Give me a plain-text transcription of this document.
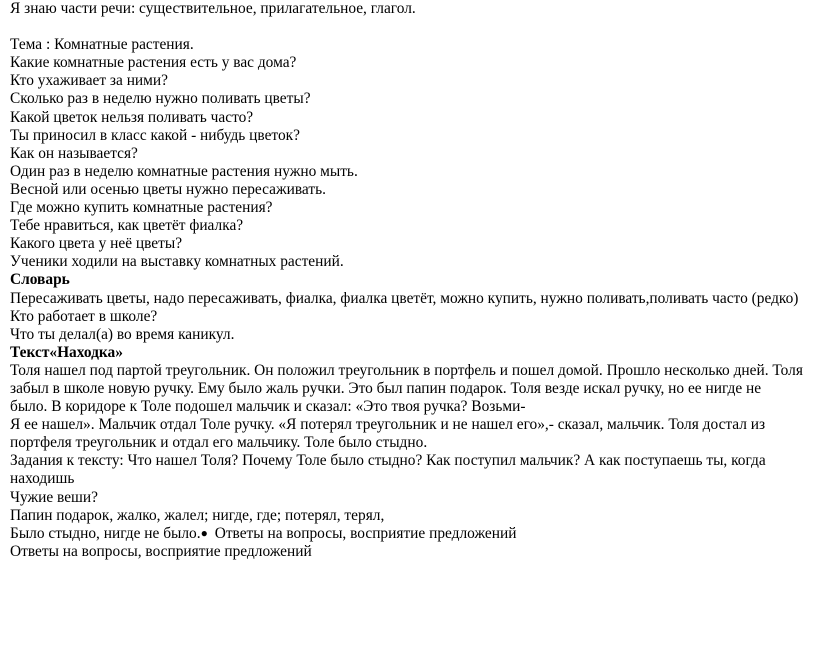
Я знаю части речи: существительное, прилагательное, глагол.
Тема : Комнатные растения.
Какие комнатные растения есть у вас дома?
Кто ухаживает за ними?
Сколько раз в неделю нужно поливать цветы?
Какой цветок нельзя поливать часто?
Ты приносил в класс какой - нибудь цветок?
Как он называется?
Один раз в неделю комнатные растения нужно мыть.
Весной или осенью цветы нужно пересаживать.
Где можно купить комнатные растения?
Тебе нравиться, как цветёт фиалка?
Какого цвета у неё цветы?
Ученики ходили на выставку комнатных растений.
Словарь
Пересаживать цветы, надо пересаживать, фиалка, фиалка цветёт, можно купить, нужно поливать,поливать часто (редко)
Кто работает в школе?
Что ты делал(а) во время каникул.
Текст«Находка»
Толя нашел под партой треугольник. Он положил треугольник в портфель и пошел домой. Прошло несколько дней. Толя
забыл в школе новую ручку. Ему было жаль ручки. Это был папин подарок. Толя везде искал ручку, но ее нигде не
было. В коридоре к Толе подошел мальчик и сказал: «Это твоя ручка? Возьми-
Я ее нашел». Мальчик отдал Толе ручку. «Я потерял треугольник и не нашел его»,- сказал, мальчик. Толя достал из
портфеля треугольник и отдал его мальчику. Толе было стыдно.
Задания к тексту: Что нашел Толя? Почему Толе было стыдно? Как поступил мальчик? А как поступаешь ты, когда
находишь
Чужие веши?
Папин подарок, жалко, жалел; нигде, где; потерял, терял,
Было стыдно, нигде не было.● Ответы на вопросы, восприятие предложений
Ответы на вопросы, восприятие предложений
